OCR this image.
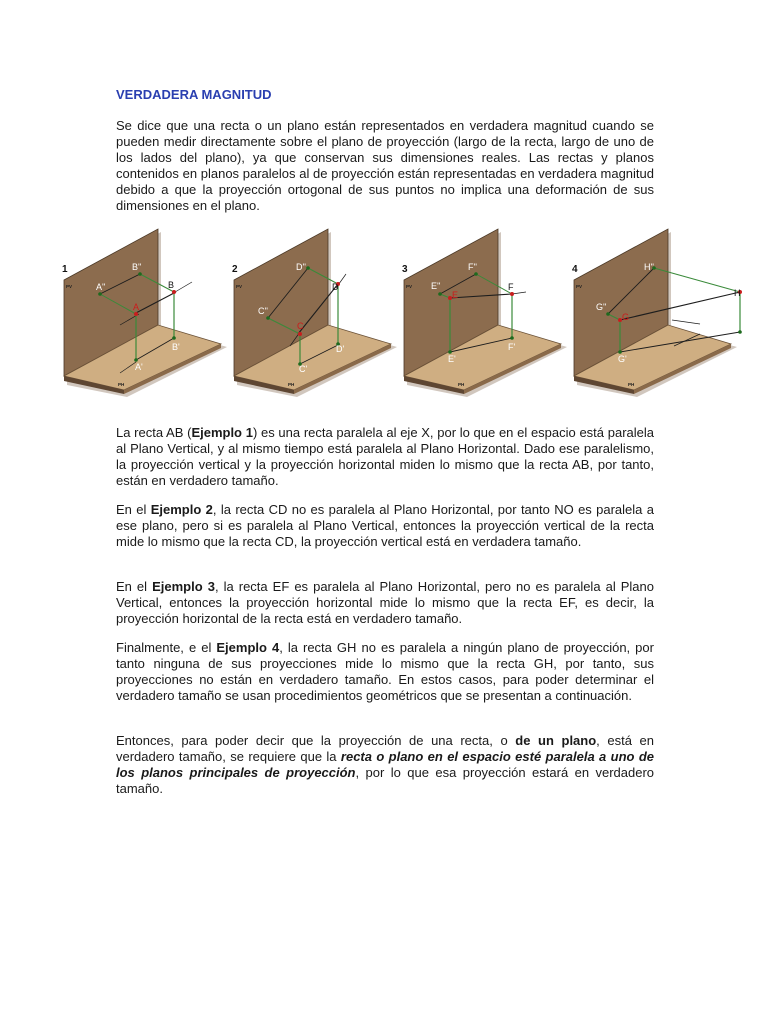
VERDADERA MAGNITUD

Se dice que una recta o un plano están representados en verdadera magnitud cuando se pueden medir directamente sobre el plano de proyección (largo de la recta, largo de uno de los lados del plano), ya que conservan sus dimensiones reales. Las rectas y planos contenidos en planos paralelos al de proyección están representadas en verdadera magnitud debido a que la proyección ortogonal de sus puntos no implica una deformación de sus dimensiones en el plano.

1
PV
PH
A''
B''
A
B
B'
A'
2
PV
PH
C''
D''
C
D
D'
C'
3
PV
PH
E''
F''
E
F
F'
E'
4
PV
PH
G''
H''
G
H
H'
G'

La recta AB (Ejemplo 1) es una recta paralela al eje X, por lo que en el espacio está paralela al Plano Vertical, y al mismo tiempo está paralela al Plano Horizontal. Dado ese paralelismo, la proyección vertical y la proyección horizontal miden lo mismo que la recta AB, por tanto, están en verdadero tamaño.

En el Ejemplo 2, la recta CD no es paralela al Plano Horizontal, por tanto NO es paralela a ese plano, pero si es paralela al Plano Vertical, entonces la proyección vertical de la recta mide lo mismo que la recta CD, la proyección vertical está en verdadera tamaño.

En el Ejemplo 3, la recta EF es paralela al Plano Horizontal, pero no es paralela al Plano Vertical, entonces la proyección horizontal mide lo mismo que la recta EF, es decir, la proyección horizontal de la recta está en verdadero tamaño.

Finalmente, e el Ejemplo 4, la recta GH no es paralela a ningún plano de proyección, por tanto ninguna de sus proyecciones mide lo mismo que la recta GH, por tanto, sus proyecciones no están en verdadero tamaño. En estos casos, para poder determinar el verdadero tamaño se usan procedimientos geométricos que se presentan a continuación.

Entonces, para poder decir que la proyección de una recta, o de un plano, está en verdadero tamaño, se requiere que la recta o plano en el espacio esté paralela a uno de los planos principales de proyección, por lo que esa proyección estará en verdadero tamaño.
